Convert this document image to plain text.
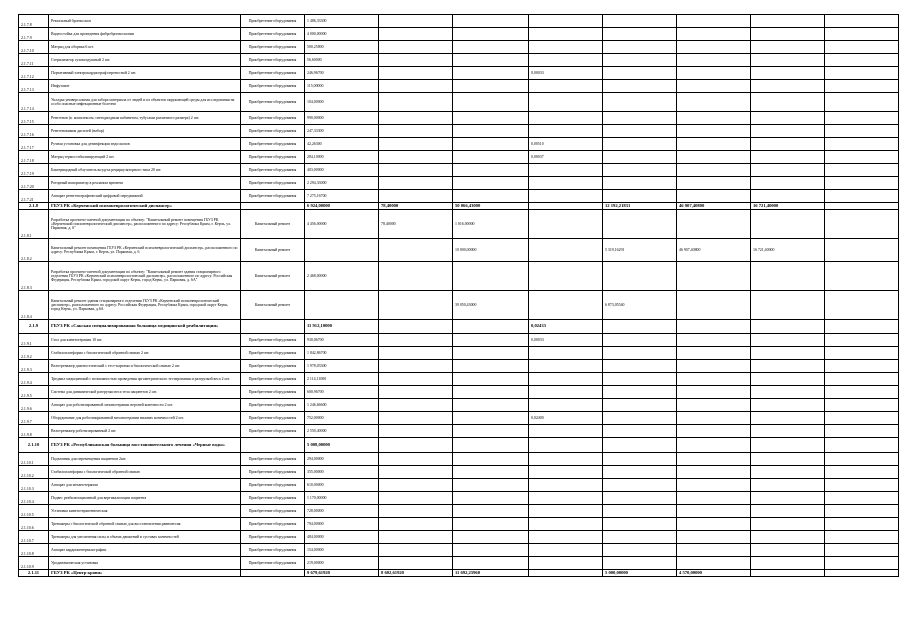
2.1.7.8	Ректальный бронхоскоп	Приобретение оборудования	1 486,33300							
2.1.7.9	Видеостойка для проведения фибробронхоскопии	Приобретение оборудования	4 000,00000							
2.1.7.10	Матрац для оборвка 6 шт.	Приобретение оборудования	500,25800							
2.1.7.11	Стерилизатор суховоздушный 2 шт.	Приобретение оборудования	56,60000							
2.1.7.12	Портативный электрокардиограф переносной 2 шт.	Приобретение оборудования	246,96700			0,00033				
2.1.7.13	Инфузомат	Приобретение оборудования	115,00000							
2.1.7.14	Укладка универсальная для забора материала от людей и из объектов окружающей среды для исследования на особо опасные инфекционные болезни	Приобретение оборудования	104,00000							
2.1.7.15	Рентгенов (к. комплексом, светодиодным кабинетом, тубусами различного размера) 2 шт.	Приобретение оборудования	990,00000							
2.1.7.16	Рентгенокимия дисплей (набор)	Приобретение оборудования	247,33300							
2.1.7.17	Ручная установка для дезинфекции эндоскопов	Приобретение оборудования	42,26300			0,00510				
2.1.7.18	Матрац термостабилизирующий 2 шт.	Приобретение оборудования	284,10000			0,00037				
2.1.7.19	Бактерицидный облучатель воздуха рециркуляторного типа 20 шт.	Приобретение оборудования	403,00000							
2.1.7.20	Роторный вапоризатор в реальном времени	Приобретение оборудования	2 294,33000							
2.1.7.21	Аппарат рентгенографический цифровой передвижной	Приобретение оборудования	7 275,16700							
2.1.8	ГБУЗ РК «Керченский психоневрологический диспансер»		6 924,00000	78,40000	50 066,43000		12 192,21831	46 907,40800	16 721,40000	
2.1.8.1	Разработка проектно-сметной документации по объекту: "Капитальный ремонт помещения ГБУЗ РК «Керченский психоневрологический диспансер», расположенного по адресу: Республика Крым, г. Керчь, ул. Парковая, д. 6"	Капитальный ремонт	4 456,00000	78,40000	1 016,00000					
2.1.8.2	Капитальный ремонт помещения ГБУЗ РК «Керченский психоневрологический диспансер», расположенного по адресу: Республика Крым, г. Керчь, ул. Парковая, д. 6	Капитальный ремонт			10 000,00000		5 319,16291	46 907,40800	16 721,40000	
2.1.8.3	Разработка проектно-сметной документации по объекту: "Капитальный ремонт здания стационарного отделения ГБУЗ РК «Керченский психоневрологический диспансер», расположенного по адресу: Российская Федерация, Республика Крым, городской округ Керчь, город Керчь, ул. Парковая, д. 6А"	Капитальный ремонт	2 468,00000							
2.1.8.4	Капитальный ремонт здания стационарного отделения ГБУЗ РК «Керченский психоневрологический диспансер», расположенного по адресу: Российская Федерация, Республика Крым, городской округ Керчь, город Керчь, ул. Парковая, д.6А	Капитальный ремонт			39 050,43000		6 873,05540			
2.1.9	ГБУЗ РК «Сакская специализированная больница медицинской реабилитации»		11 912,10000			0,02433				
2.1.9.1	Стол для кинезотерапии 10 шт.	Приобретение оборудования	930,06700			0,00033				
2.1.9.2	Стабилоплатформа с биологической обратной связью 2 шт.	Приобретение оборудования	1 842,86700							
2.1.9.3	Велотренажер диагностический с тест-картами и биологической связью 2 шт.	Приобретение оборудования	1 978,03300							
2.1.9.4	Тредмил медицинский с возможностью проведения эргометрического тестирования и разгрузкой веса 2 шт.	Приобретение оборудования	2 114,11000							
2.1.9.5	Система для динамической разгрузки веса тела пациентов 2 шт.	Приобретение оборудования	600,96700							
2.1.9.6	Аппарат для роботизированной механотерапии верхней конечности 2 шт.	Приобретение оборудования	1 246,66600							
2.1.9.7	Оборудование для роботизированной механотерапии нижних конечностей 2 шт.	Приобретение оборудования	752,00000			0,02400				
2.1.9.8	Велотренажер роботизированный 2 шт.	Приобретение оборудования	2 550,40000							
2.1.10	ГБУЗ РК «Республиканская больница восстановительного лечения «Черные воды»		5 008,00000							
2.1.10.1	Подъемник для перемещения пациентов 2шт.	Приобретение оборудования	294,00000							
2.1.10.2	Стабилоплатформа с биологической обратной связью	Приобретение оборудования	355,00000							
2.1.10.3	Аппарат для механотерапии	Приобретение оборудования	610,00000							
2.1.10.4	Подвес реабилитационный для вертикализации пациента	Приобретение оборудования	1 170,00000							
2.1.10.5	Установка кинезотерапевтическая	Приобретение оборудования	728,00000							
2.1.10.6	Тренажеры с биологической обратной связью для восстановления равновесия	Приобретение оборудования	794,00000							
2.1.10.7	Тренажеры для увеличения силы и объема движений в суставах конечностей	Приобретение оборудования	484,00000							
2.1.10.8	Аппарат кардиоинтервалографии	Приобретение оборудования	154,00000							
2.1.10.9	Уродинамическая установка	Приобретение оборудования	219,00000							
2.1.11	ГБУЗ РК «Центр крови»		9 679,61920	8 602,61920	11 692,25960		5 000,00000	4 570,00000		
